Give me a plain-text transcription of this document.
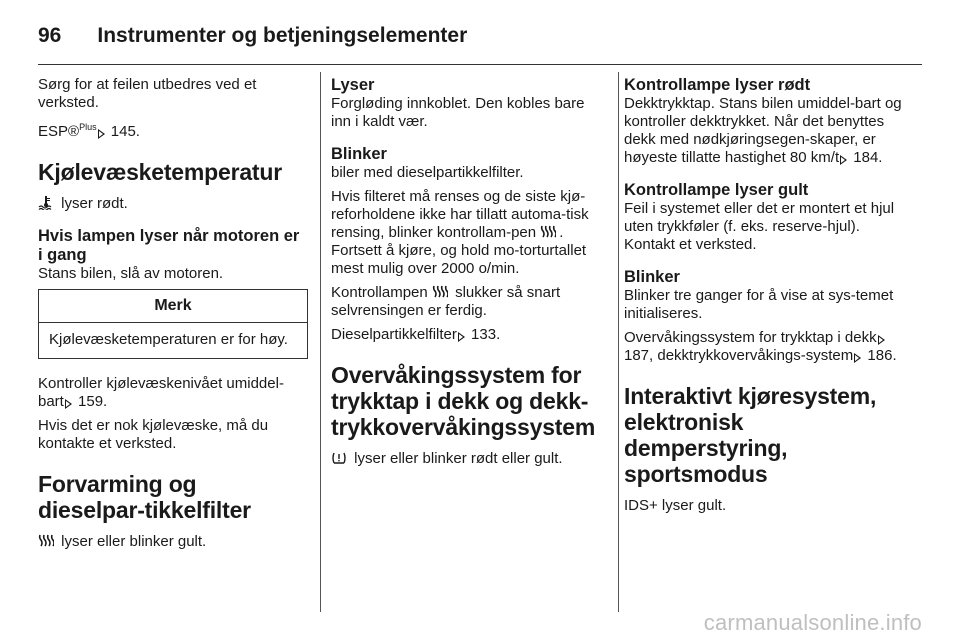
96 Instrumenter og betjeningselementer

Sørg for at feilen utbedres ved et verksted.

ESP®$^{Plus}$ 145.

Kjølevæsketemperatur

lyser rødt.

Hvis lampen lyser når motoren er i gang

Stans bilen, slå av motoren.

Merk
Kjølevæsketemperaturen er for høy.

Kontroller kjølevæskenivået umiddel-bart 159.

Hvis det er nok kjølevæske, må du kontakte et verksted.

Forvarming og dieselpar-tikkelfilter

lyser eller blinker gult.

Lyser

Forgløding innkoblet. Den kobles bare inn i kaldt vær.

Blinker

biler med dieselpartikkelfilter.

Hvis filteret må renses og de siste kjø-reforholdene ikke har tillatt automa-tisk rensing, blinker kontrollam-pen . Fortsett å kjøre, og hold mo-torturtallet mest mulig over 2000 o/min.

Kontrollampen  slukker så snart selvrensingen er ferdig.

Dieselpartikkelfilter 133.

Overvåkingssystem for trykktap i dekk og dekk-trykkovervåkingssystem

lyser eller blinker rødt eller gult.

Kontrollampe lyser rødt

Dekktrykktap. Stans bilen umiddel-bart og kontroller dekktrykket. Når det benyttes dekk med nødkjøringsegen-skaper, er høyeste tillatte hastighet 80 km/t 184.

Kontrollampe lyser gult

Feil i systemet eller det er montert et hjul uten trykkføler (f. eks. reserve-hjul). Kontakt et verksted.

Blinker

Blinker tre ganger for å vise at sys-temet initialiseres.

Overvåkingssystem for trykktap i dekk 187, dekktrykkovervåkings-system 186.

Interaktivt kjøresystem, elektronisk demperstyring, sportsmodus

IDS+ lyser gult.

carmanualsonline.info
